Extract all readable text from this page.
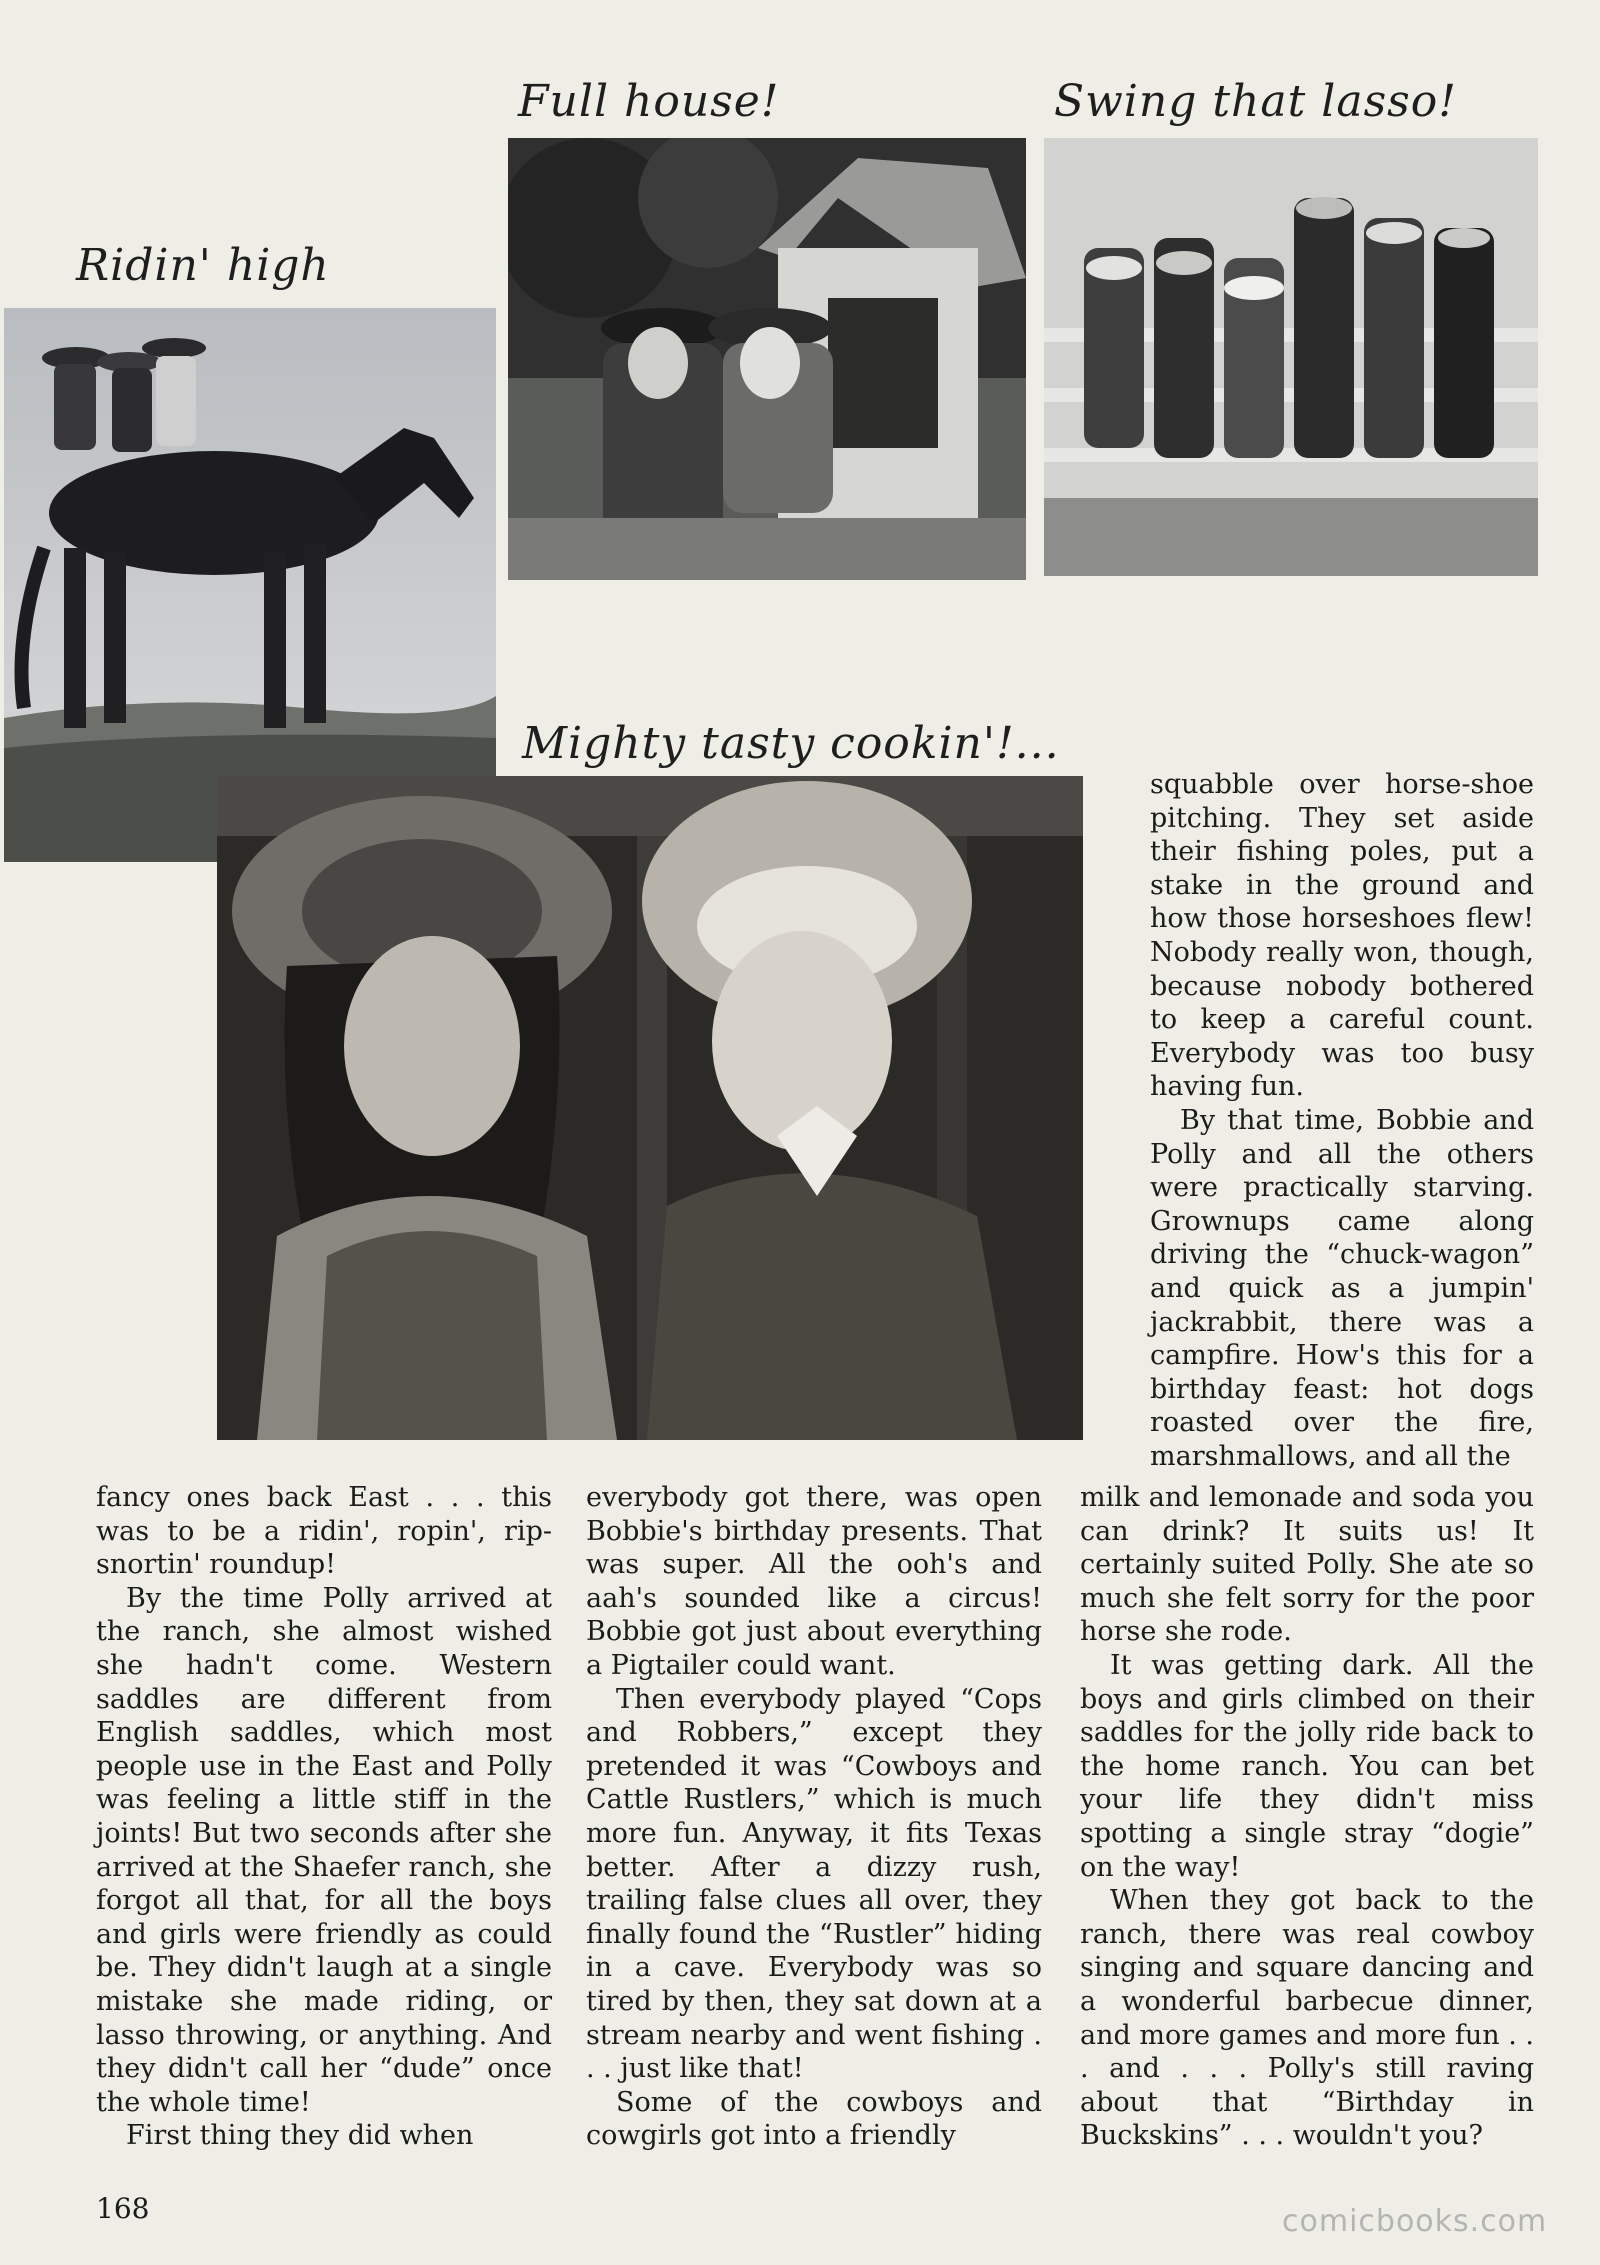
Full house!	Swing that lasso!
Ridin' high
Mighty tasty cookin'!...

squabble over horse-shoe pitching. They set aside their fishing poles, put a stake in the ground and how those horseshoes flew! Nobody really won, though, because nobody bothered to keep a careful count. Everybody was too busy having fun.

By that time, Bobbie and Polly and all the others were practically starving. Grownups came along driving the “chuck-wagon” and quick as a jumpin' jackrabbit, there was a campfire. How's this for a birthday feast: hot dogs roasted over the fire, marshmallows, and all the

fancy ones back East . . . this was to be a ridin', ropin', rip-snortin' roundup!

By the time Polly arrived at the ranch, she almost wished she hadn't come. Western saddles are different from English saddles, which most people use in the East and Polly was feeling a little stiff in the joints! But two seconds after she arrived at the Shaefer ranch, she forgot all that, for all the boys and girls were friendly as could be. They didn't laugh at a single mistake she made riding, or lasso throwing, or anything. And they didn't call her “dude” once the whole time!

First thing they did when

everybody got there, was open Bobbie's birthday presents. That was super. All the ooh's and aah's sounded like a circus! Bobbie got just about everything a Pigtailer could want.

Then everybody played “Cops and Robbers,” except they pretended it was “Cowboys and Cattle Rustlers,” which is much more fun. Anyway, it fits Texas better. After a dizzy rush, trailing false clues all over, they finally found the “Rustler” hiding in a cave. Everybody was so tired by then, they sat down at a stream nearby and went fishing . . . just like that!

Some of the cowboys and cowgirls got into a friendly

milk and lemonade and soda you can drink? It suits us! It certainly suited Polly. She ate so much she felt sorry for the poor horse she rode.

It was getting dark. All the boys and girls climbed on their saddles for the jolly ride back to the home ranch. You can bet your life they didn't miss spotting a single stray “dogie” on the way!

When they got back to the ranch, there was real cowboy singing and square dancing and a wonderful barbecue dinner, and more games and more fun . . . and . . . Polly's still raving about that “Birthday in Buckskins” . . . wouldn't you?

168	comicbooks.com
